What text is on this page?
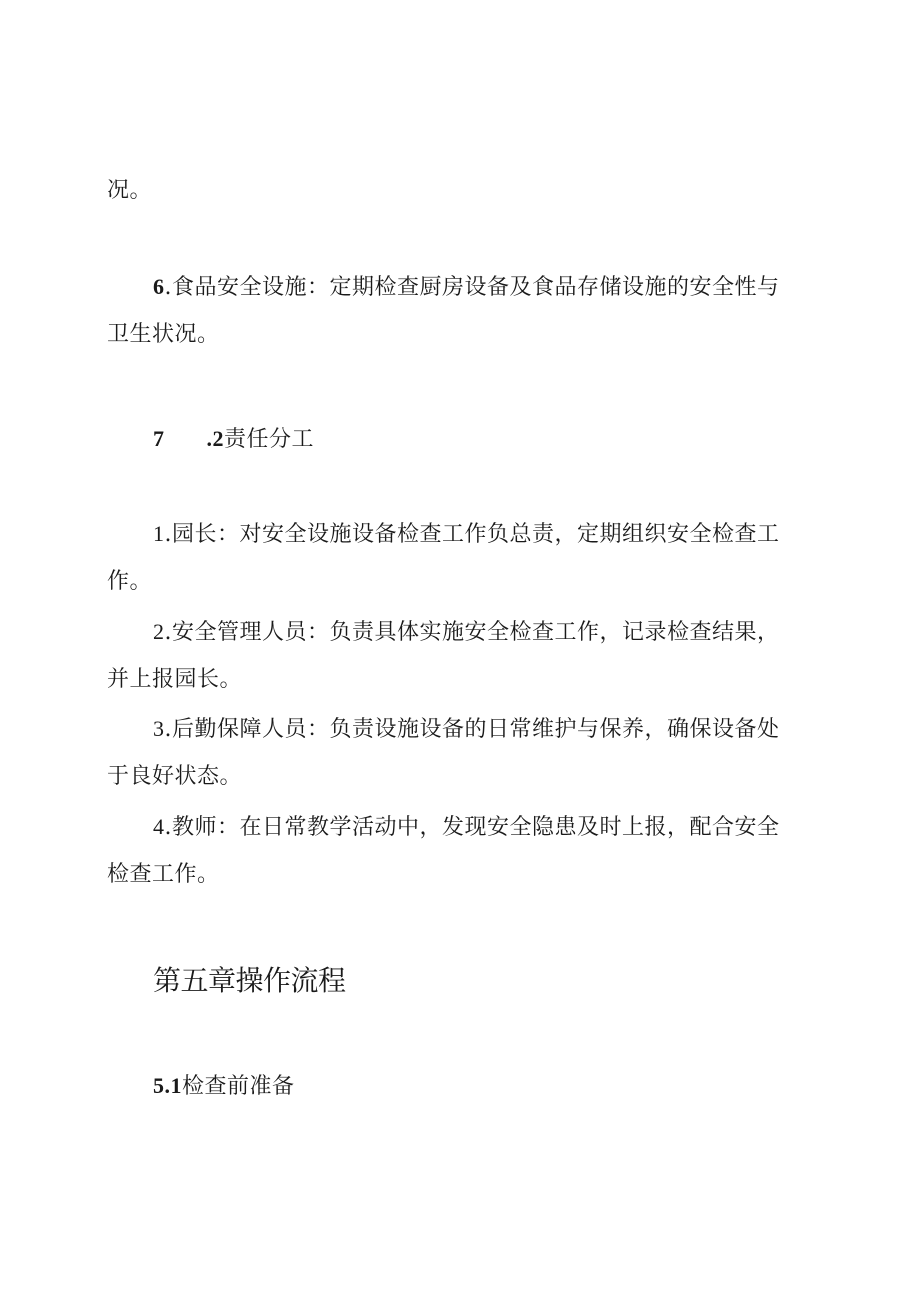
况。
6.食品安全设施：定期检查厨房设备及食品存储设施的安全性与
卫生状况。
7 .2责任分工
1.园长：对安全设施设备检查工作负总责，定期组织安全检查工
作。
2.安全管理人员：负责具体实施安全检查工作，记录检查结果，
并上报园长。
3.后勤保障人员：负责设施设备的日常维护与保养，确保设备处
于良好状态。
4.教师：在日常教学活动中，发现安全隐患及时上报，配合安全
检查工作。
第五章操作流程
5.1检查前准备
